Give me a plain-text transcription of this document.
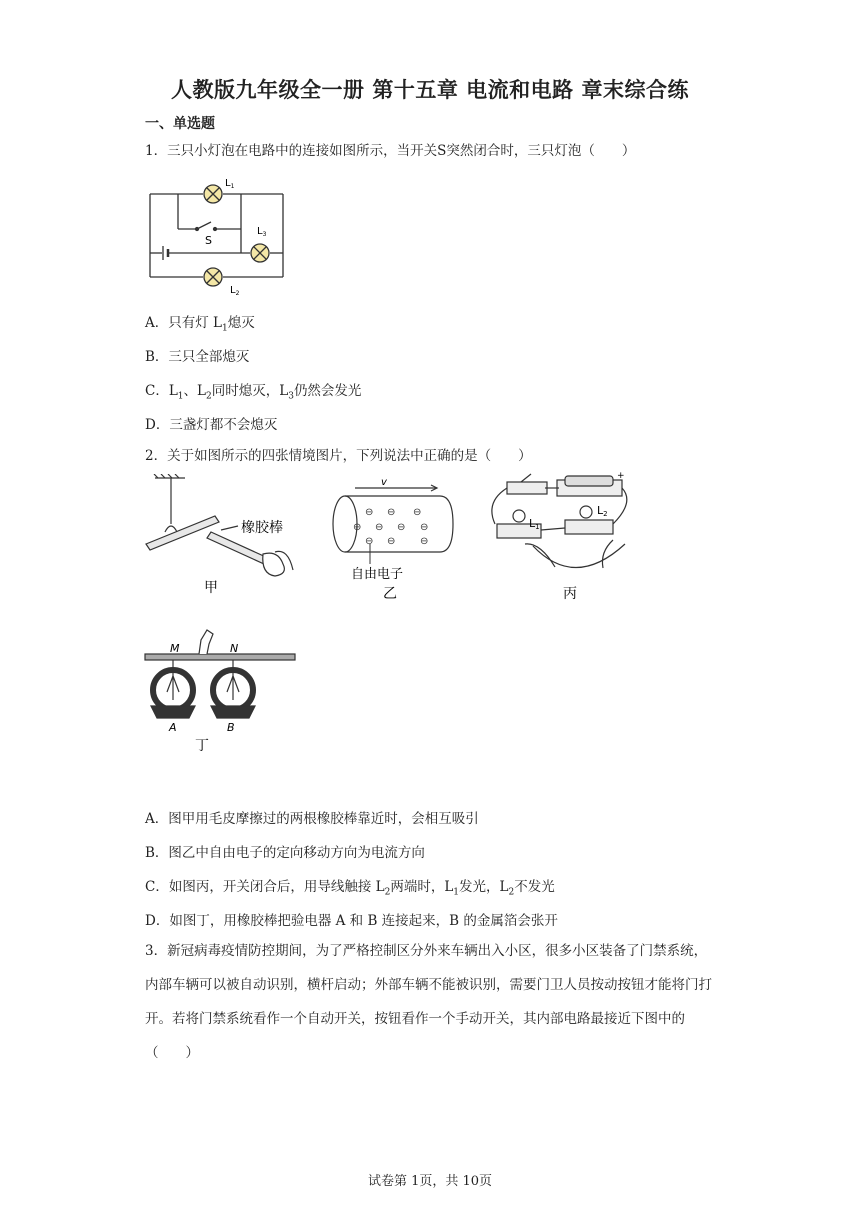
人教版九年级全一册 第十五章 电流和电路 章末综合练
一、单选题
1．三只小灯泡在电路中的连接如图所示，当开关S突然闭合时，三只灯泡（　　）
$L_1$
$L_3$
$L_2$
S
A．只有灯 $L_1$熄灭
B．三只全部熄灭
C．$L_1$、$L_2$同时熄灭，$L_3$仍然会发光
D．三盏灯都不会熄灭
2．关于如图所示的四张情境图片，下列说法中正确的是（　　）
橡胶棒
甲
v
⊖ ⊖ ⊖
⊕ ⊖ ⊖ ⊖
⊖ ⊖ ⊖
自由电子
乙
L1
L2
+
丙
M	N
A	B
丁
A．图甲用毛皮摩擦过的两根橡胶棒靠近时，会相互吸引
B．图乙中自由电子的定向移动方向为电流方向
C．如图丙，开关闭合后，用导线触接 $L_2$两端时，$L_1$发光，$L_2$不发光
D．如图丁，用橡胶棒把验电器 A 和 B 连接起来，B 的金属箔会张开
3．新冠病毒疫情防控期间，为了严格控制区分外来车辆出入小区，很多小区装备了门禁系统，内部车辆可以被自动识别，横杆启动；外部车辆不能被识别，需要门卫人员按动按钮才能将门打开。若将门禁系统看作一个自动开关，按钮看作一个手动开关，其内部电路最接近下图中的（　　）
试卷第 1页，共 10页
